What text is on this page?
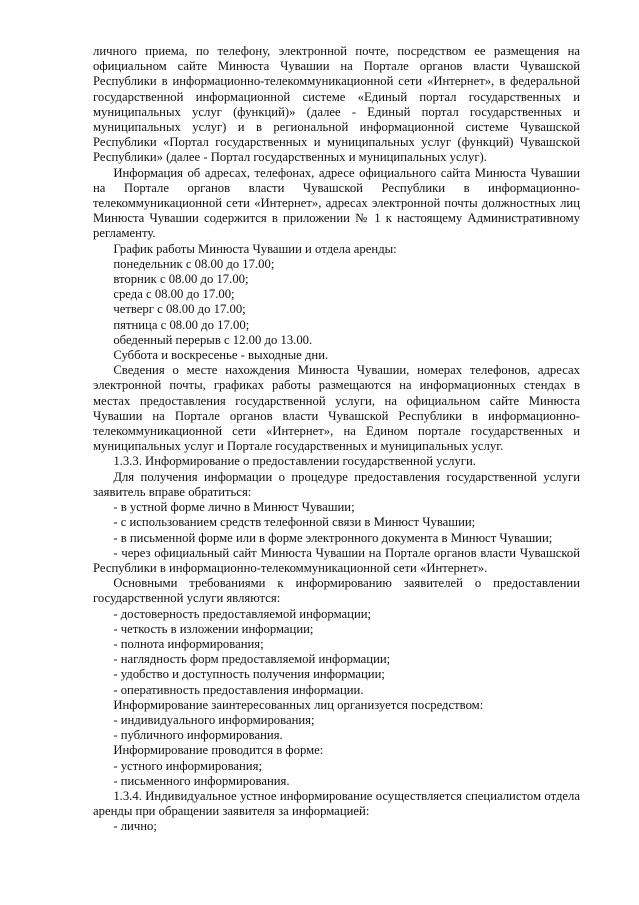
личного приема, по телефону, электронной почте, посредством ее размещения на официальном сайте Минюста Чувашии на Портале органов власти Чувашской Республики в информационно-телекоммуникационной сети «Интернет», в федеральной государственной информационной системе «Единый портал государственных и муниципальных услуг (функций)» (далее - Единый портал государственных и муниципальных услуг) и в региональной информационной системе Чувашской Республики «Портал государственных и муниципальных услуг (функций) Чувашской Республики» (далее - Портал государственных и муниципальных услуг).

Информация об адресах, телефонах, адресе официального сайта Минюста Чувашии на Портале органов власти Чувашской Республики в информационно-телекоммуникационной сети «Интернет», адресах электронной почты должностных лиц Минюста Чувашии содержится в приложении № 1 к настоящему Административному регламенту.

График работы Минюста Чувашии и отдела аренды:

понедельник с 08.00 до 17.00;

вторник с 08.00 до 17.00;

среда с 08.00 до 17.00;

четверг с 08.00 до 17.00;

пятница с 08.00 до 17.00;

обеденный перерыв с 12.00 до 13.00.

Суббота и воскресенье - выходные дни.

Сведения о месте нахождения Минюста Чувашии, номерах телефонов, адресах электронной почты, графиках работы размещаются на информационных стендах в местах предоставления государственной услуги, на официальном сайте Минюста Чувашии на Портале органов власти Чувашской Республики в информационно-телекоммуникационной сети «Интернет», на Едином портале государственных и муниципальных услуг и Портале государственных и муниципальных услуг.

1.3.3. Информирование о предоставлении государственной услуги.

Для получения информации о процедуре предоставления государственной услуги заявитель вправе обратиться:

- в устной форме лично в Минюст Чувашии;

- с использованием средств телефонной связи в Минюст Чувашии;

- в письменной форме или в форме электронного документа в Минюст Чувашии;

- через официальный сайт Минюста Чувашии на Портале органов власти Чувашской Республики в информационно-телекоммуникационной сети «Интернет».

Основными требованиями к информированию заявителей о предоставлении государственной услуги являются:

- достоверность предоставляемой информации;

- четкость в изложении информации;

- полнота информирования;

- наглядность форм предоставляемой информации;

- удобство и доступность получения информации;

- оперативность предоставления информации.

Информирование заинтересованных лиц организуется посредством:

- индивидуального информирования;

- публичного информирования.

Информирование проводится в форме:

- устного информирования;

- письменного информирования.

1.3.4. Индивидуальное устное информирование осуществляется специалистом отдела аренды при обращении заявителя за информацией:

- лично;
